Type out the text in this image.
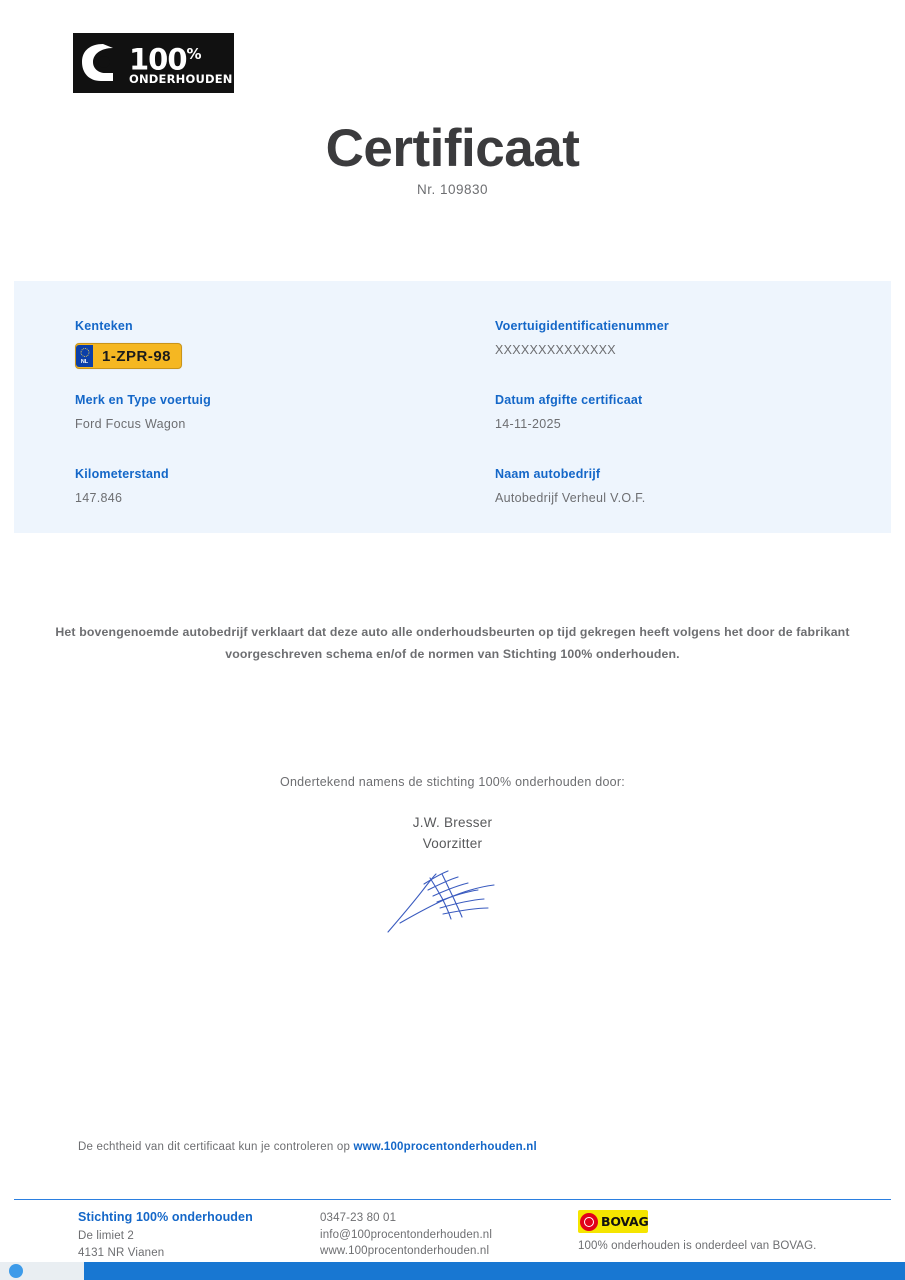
100%
ONDERHOUDEN
Certificaat
Nr. 109830
Kenteken
NL 1-ZPR-98
Voertuigidentificatienummer
XXXXXXXXXXXXXX
Merk en Type voertuig
Ford Focus Wagon
Datum afgifte certificaat
14-11-2025
Kilometerstand
147.846
Naam autobedrijf
Autobedrijf Verheul V.O.F.
Het bovengenoemde autobedrijf verklaart dat deze auto alle onderhoudsbeurten op tijd gekregen heeft volgens het door de fabrikant voorgeschreven schema en/of de normen van Stichting 100% onderhouden.
Ondertekend namens de stichting 100% onderhouden door:
J.W. Bresser
Voorzitter
De echtheid van dit certificaat kun je controleren op www.100procentonderhouden.nl
Stichting 100% onderhouden
De limiet 2
4131 NR Vianen
0347-23 80 01
info@100procentonderhouden.nl
www.100procentonderhouden.nl
BOVAG
100% onderhouden is onderdeel van BOVAG.
